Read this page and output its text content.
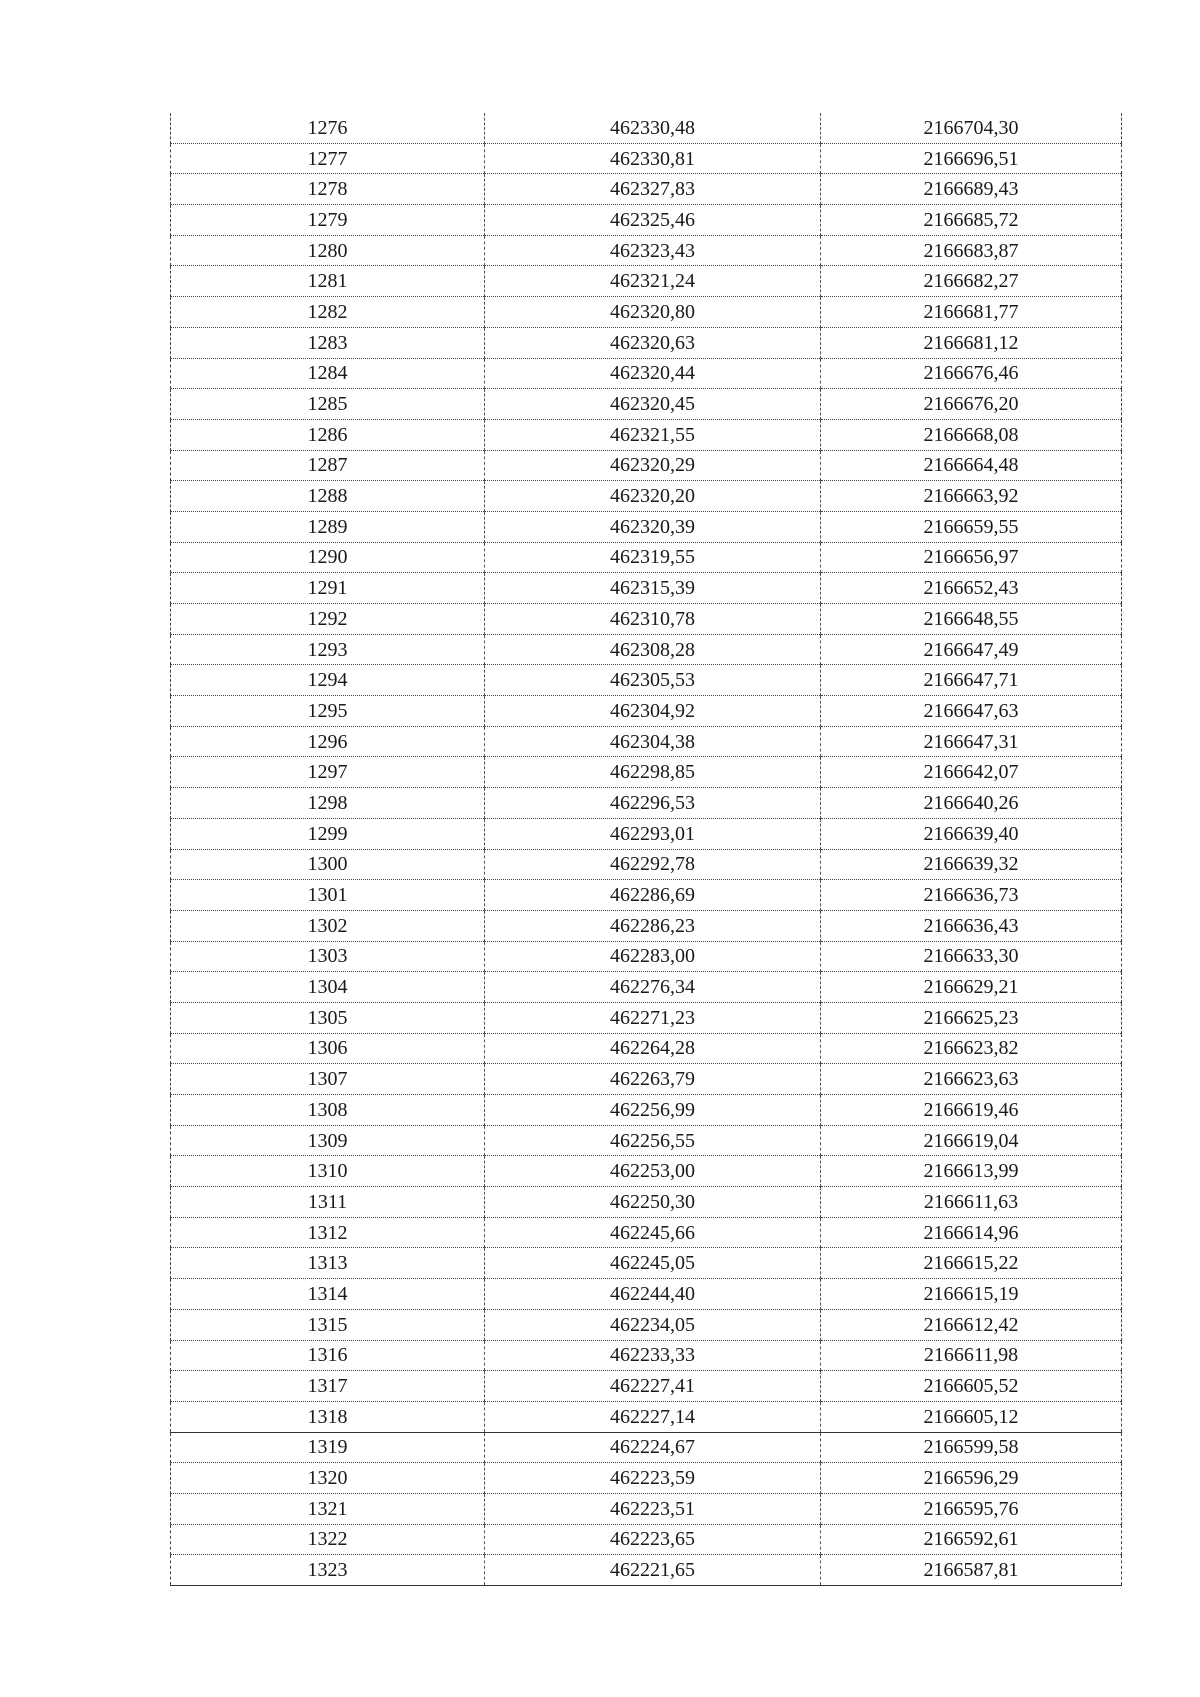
1276	462330,48	2166704,30
1277	462330,81	2166696,51
1278	462327,83	2166689,43
1279	462325,46	2166685,72
1280	462323,43	2166683,87
1281	462321,24	2166682,27
1282	462320,80	2166681,77
1283	462320,63	2166681,12
1284	462320,44	2166676,46
1285	462320,45	2166676,20
1286	462321,55	2166668,08
1287	462320,29	2166664,48
1288	462320,20	2166663,92
1289	462320,39	2166659,55
1290	462319,55	2166656,97
1291	462315,39	2166652,43
1292	462310,78	2166648,55
1293	462308,28	2166647,49
1294	462305,53	2166647,71
1295	462304,92	2166647,63
1296	462304,38	2166647,31
1297	462298,85	2166642,07
1298	462296,53	2166640,26
1299	462293,01	2166639,40
1300	462292,78	2166639,32
1301	462286,69	2166636,73
1302	462286,23	2166636,43
1303	462283,00	2166633,30
1304	462276,34	2166629,21
1305	462271,23	2166625,23
1306	462264,28	2166623,82
1307	462263,79	2166623,63
1308	462256,99	2166619,46
1309	462256,55	2166619,04
1310	462253,00	2166613,99
1311	462250,30	2166611,63
1312	462245,66	2166614,96
1313	462245,05	2166615,22
1314	462244,40	2166615,19
1315	462234,05	2166612,42
1316	462233,33	2166611,98
1317	462227,41	2166605,52
1318	462227,14	2166605,12
1319	462224,67	2166599,58
1320	462223,59	2166596,29
1321	462223,51	2166595,76
1322	462223,65	2166592,61
1323	462221,65	2166587,81
